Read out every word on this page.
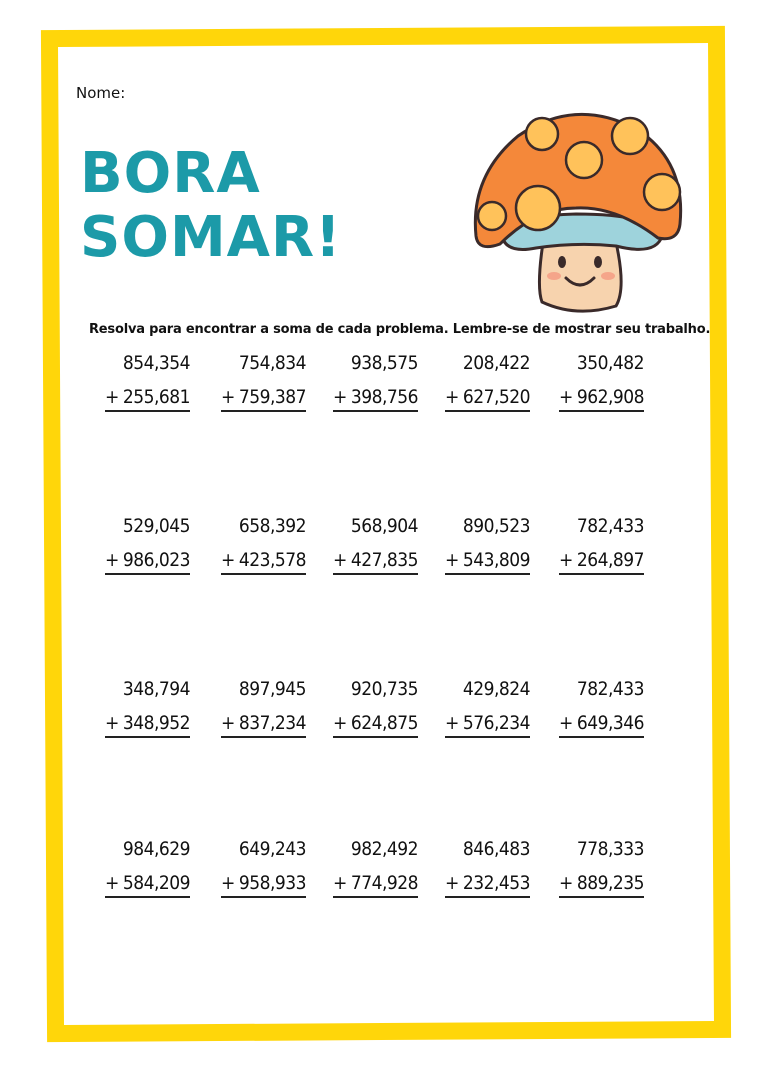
Nome:
BORA
SOMAR!
Resolva para encontrar a soma de cada problema. Lembre-se de mostrar seu trabalho.
854,354
+ 255,681
754,834
+ 759,387
938,575
+ 398,756
208,422
+ 627,520
350,482
+ 962,908
529,045
+ 986,023
658,392
+ 423,578
568,904
+ 427,835
890,523
+ 543,809
782,433
+ 264,897
348,794
+ 348,952
897,945
+ 837,234
920,735
+ 624,875
429,824
+ 576,234
782,433
+ 649,346
984,629
+ 584,209
649,243
+ 958,933
982,492
+ 774,928
846,483
+ 232,453
778,333
+ 889,235
